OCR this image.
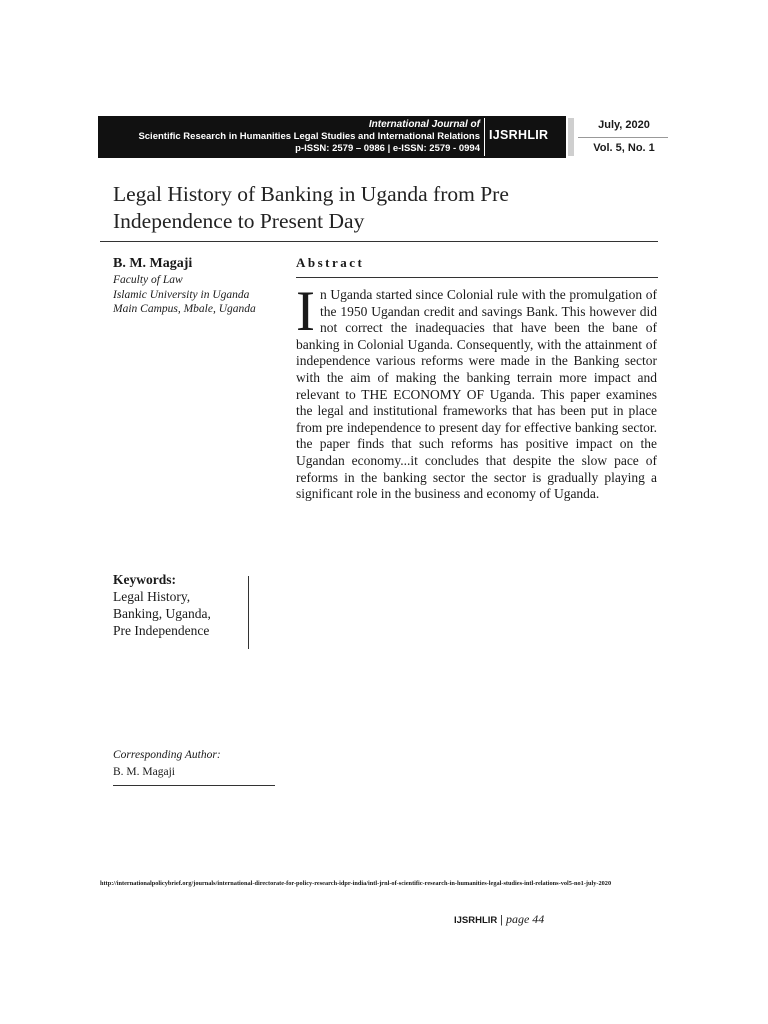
International Journal of
Scientific Research in Humanities Legal Studies and International Relations
p-ISSN: 2579 – 0986 | e-ISSN: 2579 - 0994
IJSRHLIR
July, 2020
Vol. 5, No. 1
Legal History of Banking in Uganda from Pre Independence to Present Day
B. M. Magaji
Faculty of Law
Islamic University in Uganda
Main Campus, Mbale, Uganda
Abstract
In Uganda started since Colonial rule with the promulgation of the 1950 Ugandan credit and savings Bank. This however did not correct the inadequacies that have been the bane of banking in Colonial Uganda. Consequently, with the attainment of independence various reforms were made in the Banking sector with the aim of making the banking terrain more impact and relevant to THE ECONOMY OF Uganda. This paper examines the legal and institutional frameworks that has been put in place from pre independence to present day for effective banking sector. the paper finds that such reforms has positive impact on the Ugandan economy...it concludes that despite the slow pace of reforms in the banking sector the sector is gradually playing a significant role in the business and economy of Uganda.
Keywords:
Legal History,
Banking, Uganda,
Pre Independence
Corresponding Author:
B. M. Magaji
http://internationalpolicybrief.org/journals/international-directorate-for-policy-research-idpr-india/intl-jrnl-of-scientific-research-in-humanities-legal-studies-intl-relations-vol5-no1-july-2020
IJSRHLIR | page 44
